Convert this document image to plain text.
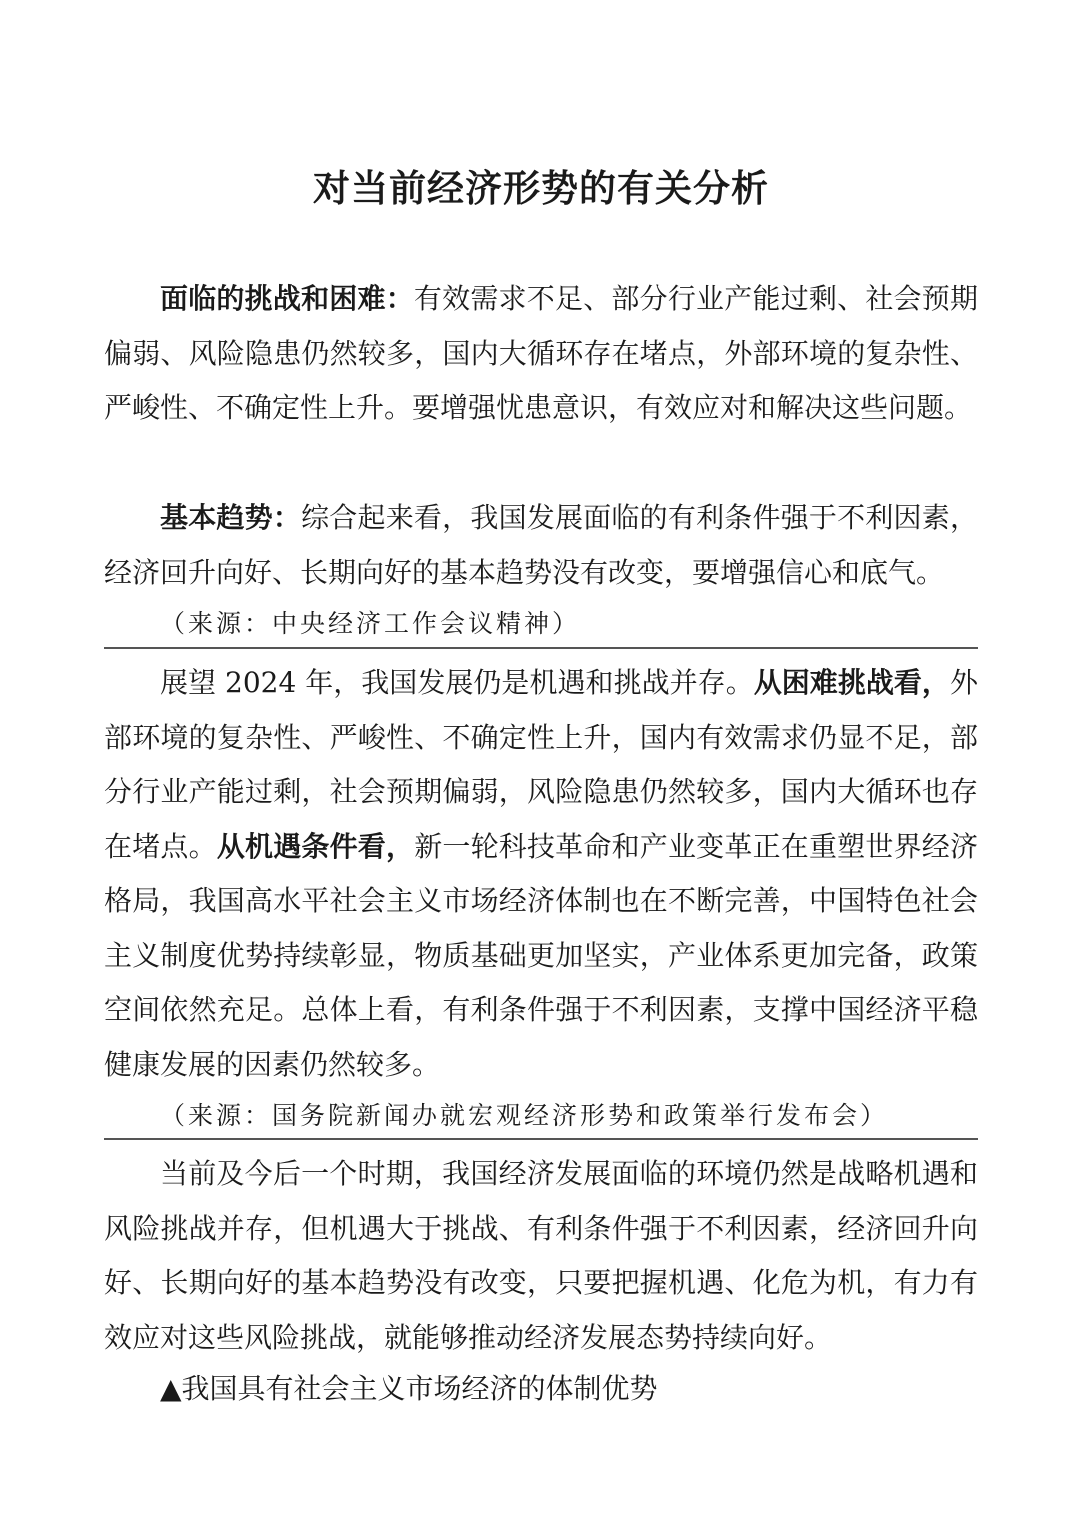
对当前经济形势的有关分析

面临的挑战和困难：有效需求不足、部分行业产能过剩、社会预期偏弱、风险隐患仍然较多，国内大循环存在堵点，外部环境的复杂性、严峻性、不确定性上升。要增强忧患意识，有效应对和解决这些问题。

基本趋势：综合起来看，我国发展面临的有利条件强于不利因素，经济回升向好、长期向好的基本趋势没有改变，要增强信心和底气。

（来源：中央经济工作会议精神）

展望 2024 年，我国发展仍是机遇和挑战并存。从困难挑战看，外部环境的复杂性、严峻性、不确定性上升，国内有效需求仍显不足，部分行业产能过剩，社会预期偏弱，风险隐患仍然较多，国内大循环也存在堵点。从机遇条件看，新一轮科技革命和产业变革正在重塑世界经济格局，我国高水平社会主义市场经济体制也在不断完善，中国特色社会主义制度优势持续彰显，物质基础更加坚实，产业体系更加完备，政策空间依然充足。总体上看，有利条件强于不利因素，支撑中国经济平稳健康发展的因素仍然较多。

（来源：国务院新闻办就宏观经济形势和政策举行发布会）

当前及今后一个时期，我国经济发展面临的环境仍然是战略机遇和风险挑战并存，但机遇大于挑战、有利条件强于不利因素，经济回升向好、长期向好的基本趋势没有改变，只要把握机遇、化危为机，有力有效应对这些风险挑战，就能够推动经济发展态势持续向好。

▲我国具有社会主义市场经济的体制优势
